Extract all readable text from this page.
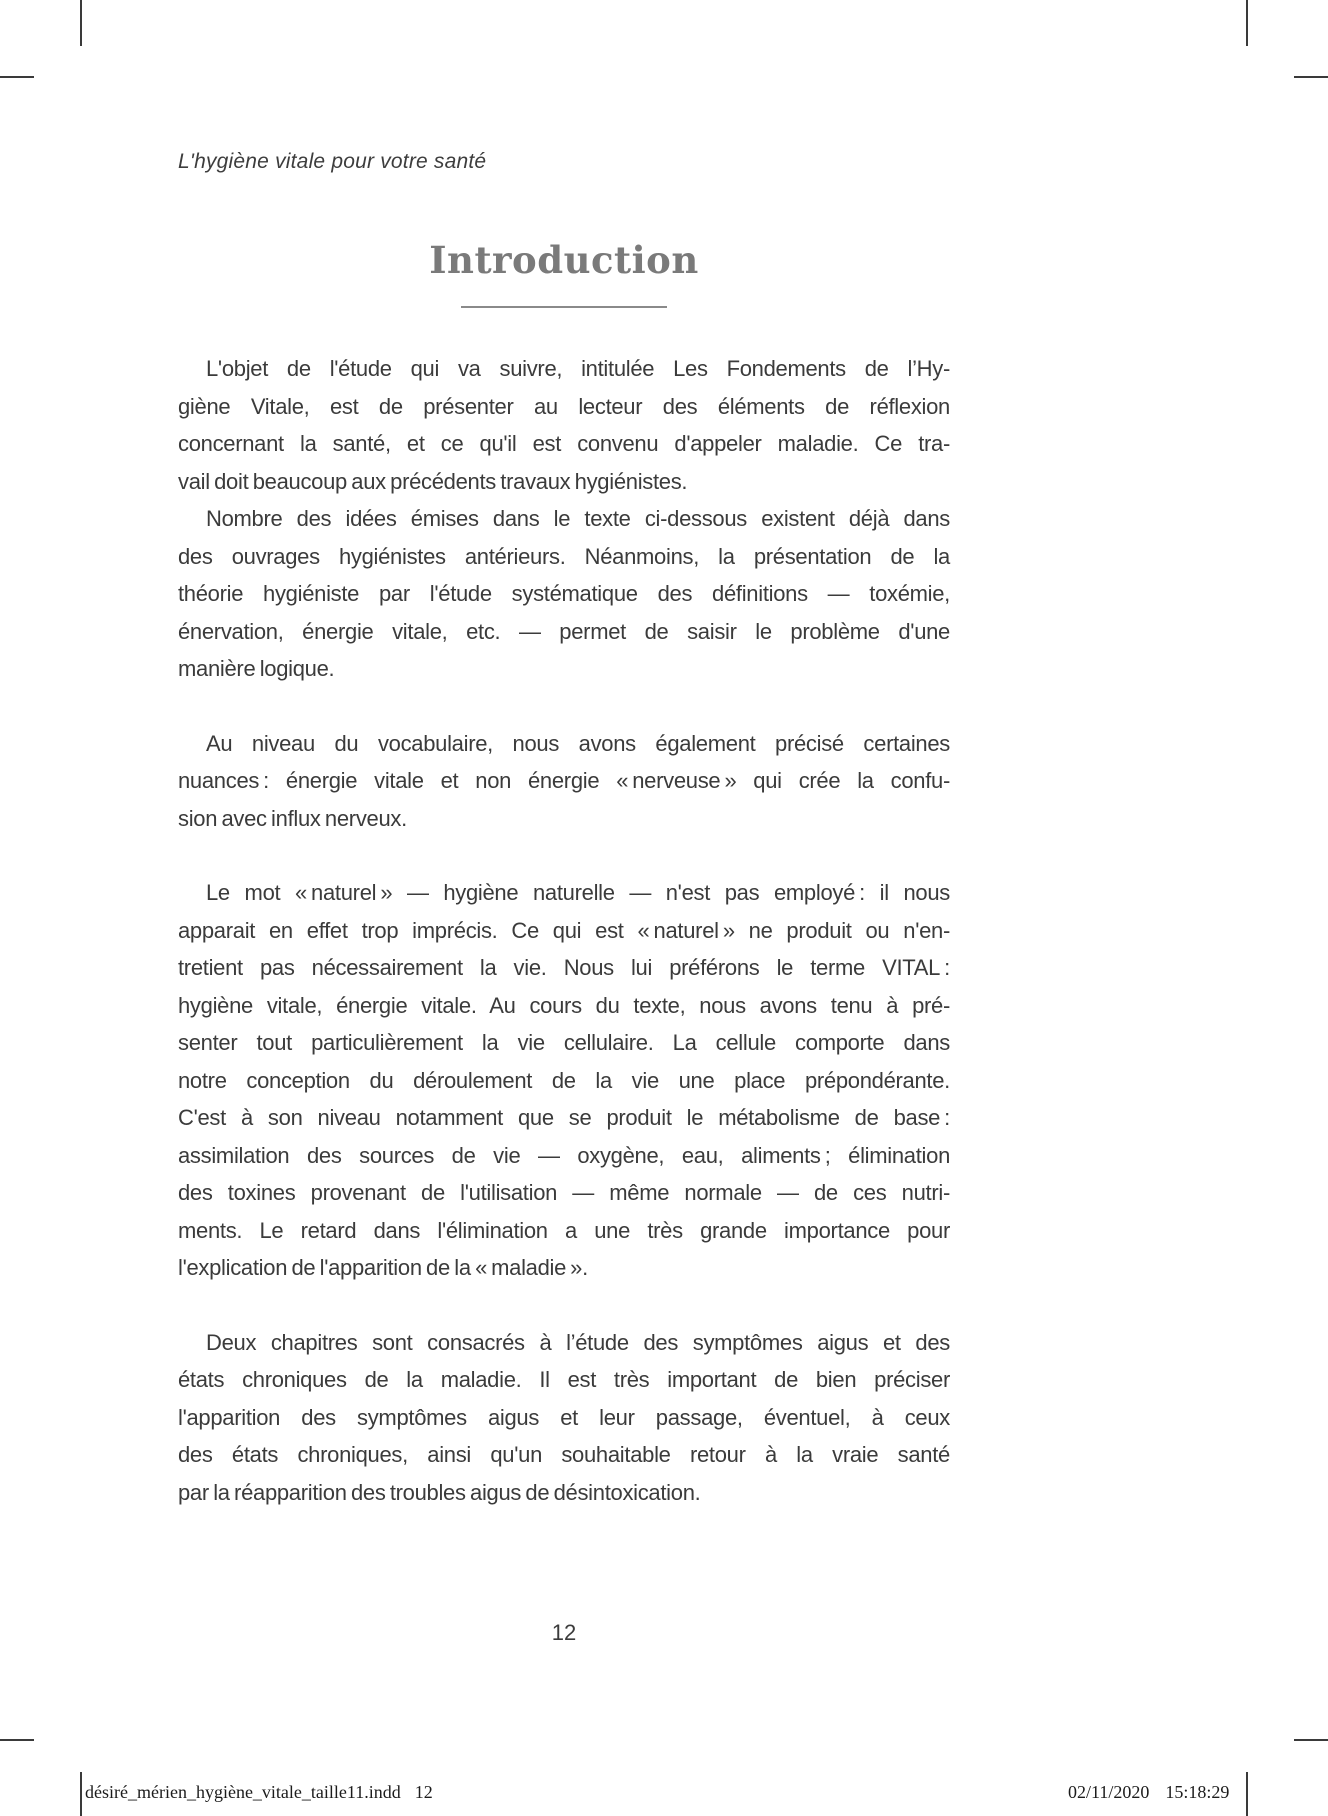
L'hygiène vitale pour votre santé
Introduction
L'objet de l'étude qui va suivre, intitulée Les Fondements de l’Hy-
giène Vitale, est de présenter au lecteur des éléments de réflexion
concernant la santé, et ce qu'il est convenu d'appeler maladie. Ce tra-
vail doit beaucoup aux précédents travaux hygiénistes.
Nombre des idées émises dans le texte ci-dessous existent déjà dans
des ouvrages hygiénistes antérieurs. Néanmoins, la présentation de la
théorie hygiéniste par l'étude systématique des définitions — toxémie,
énervation, énergie vitale, etc. — permet de saisir le problème d'une
manière logique.
Au niveau du vocabulaire, nous avons également précisé certaines
nuances : énergie vitale et non énergie « nerveuse » qui crée la confu-
sion avec influx nerveux.
Le mot « naturel » — hygiène naturelle — n'est pas employé : il nous
apparait en effet trop imprécis. Ce qui est « naturel » ne produit ou n'en-
tretient pas nécessairement la vie. Nous lui préférons le terme VITAL :
hygiène vitale, énergie vitale. Au cours du texte, nous avons tenu à pré-
senter tout particulièrement la vie cellulaire. La cellule comporte dans
notre conception du déroulement de la vie une place prépondérante.
C'est à son niveau notamment que se produit le métabolisme de base :
assimilation des sources de vie — oxygène, eau, aliments ; élimination
des toxines provenant de l'utilisation — même normale — de ces nutri-
ments. Le retard dans l'élimination a une très grande importance pour
l'explication de l'apparition de la « maladie ».
Deux chapitres sont consacrés à l’étude des symptômes aigus et des
états chroniques de la maladie. Il est très important de bien préciser
l'apparition des symptômes aigus et leur passage, éventuel, à ceux
des états chroniques, ainsi qu'un souhaitable retour à la vraie santé
par la réapparition des troubles aigus de désintoxication.
12
désiré_mérien_hygiène_vitale_taille11.indd 12	02/11/2020 15:18:29
